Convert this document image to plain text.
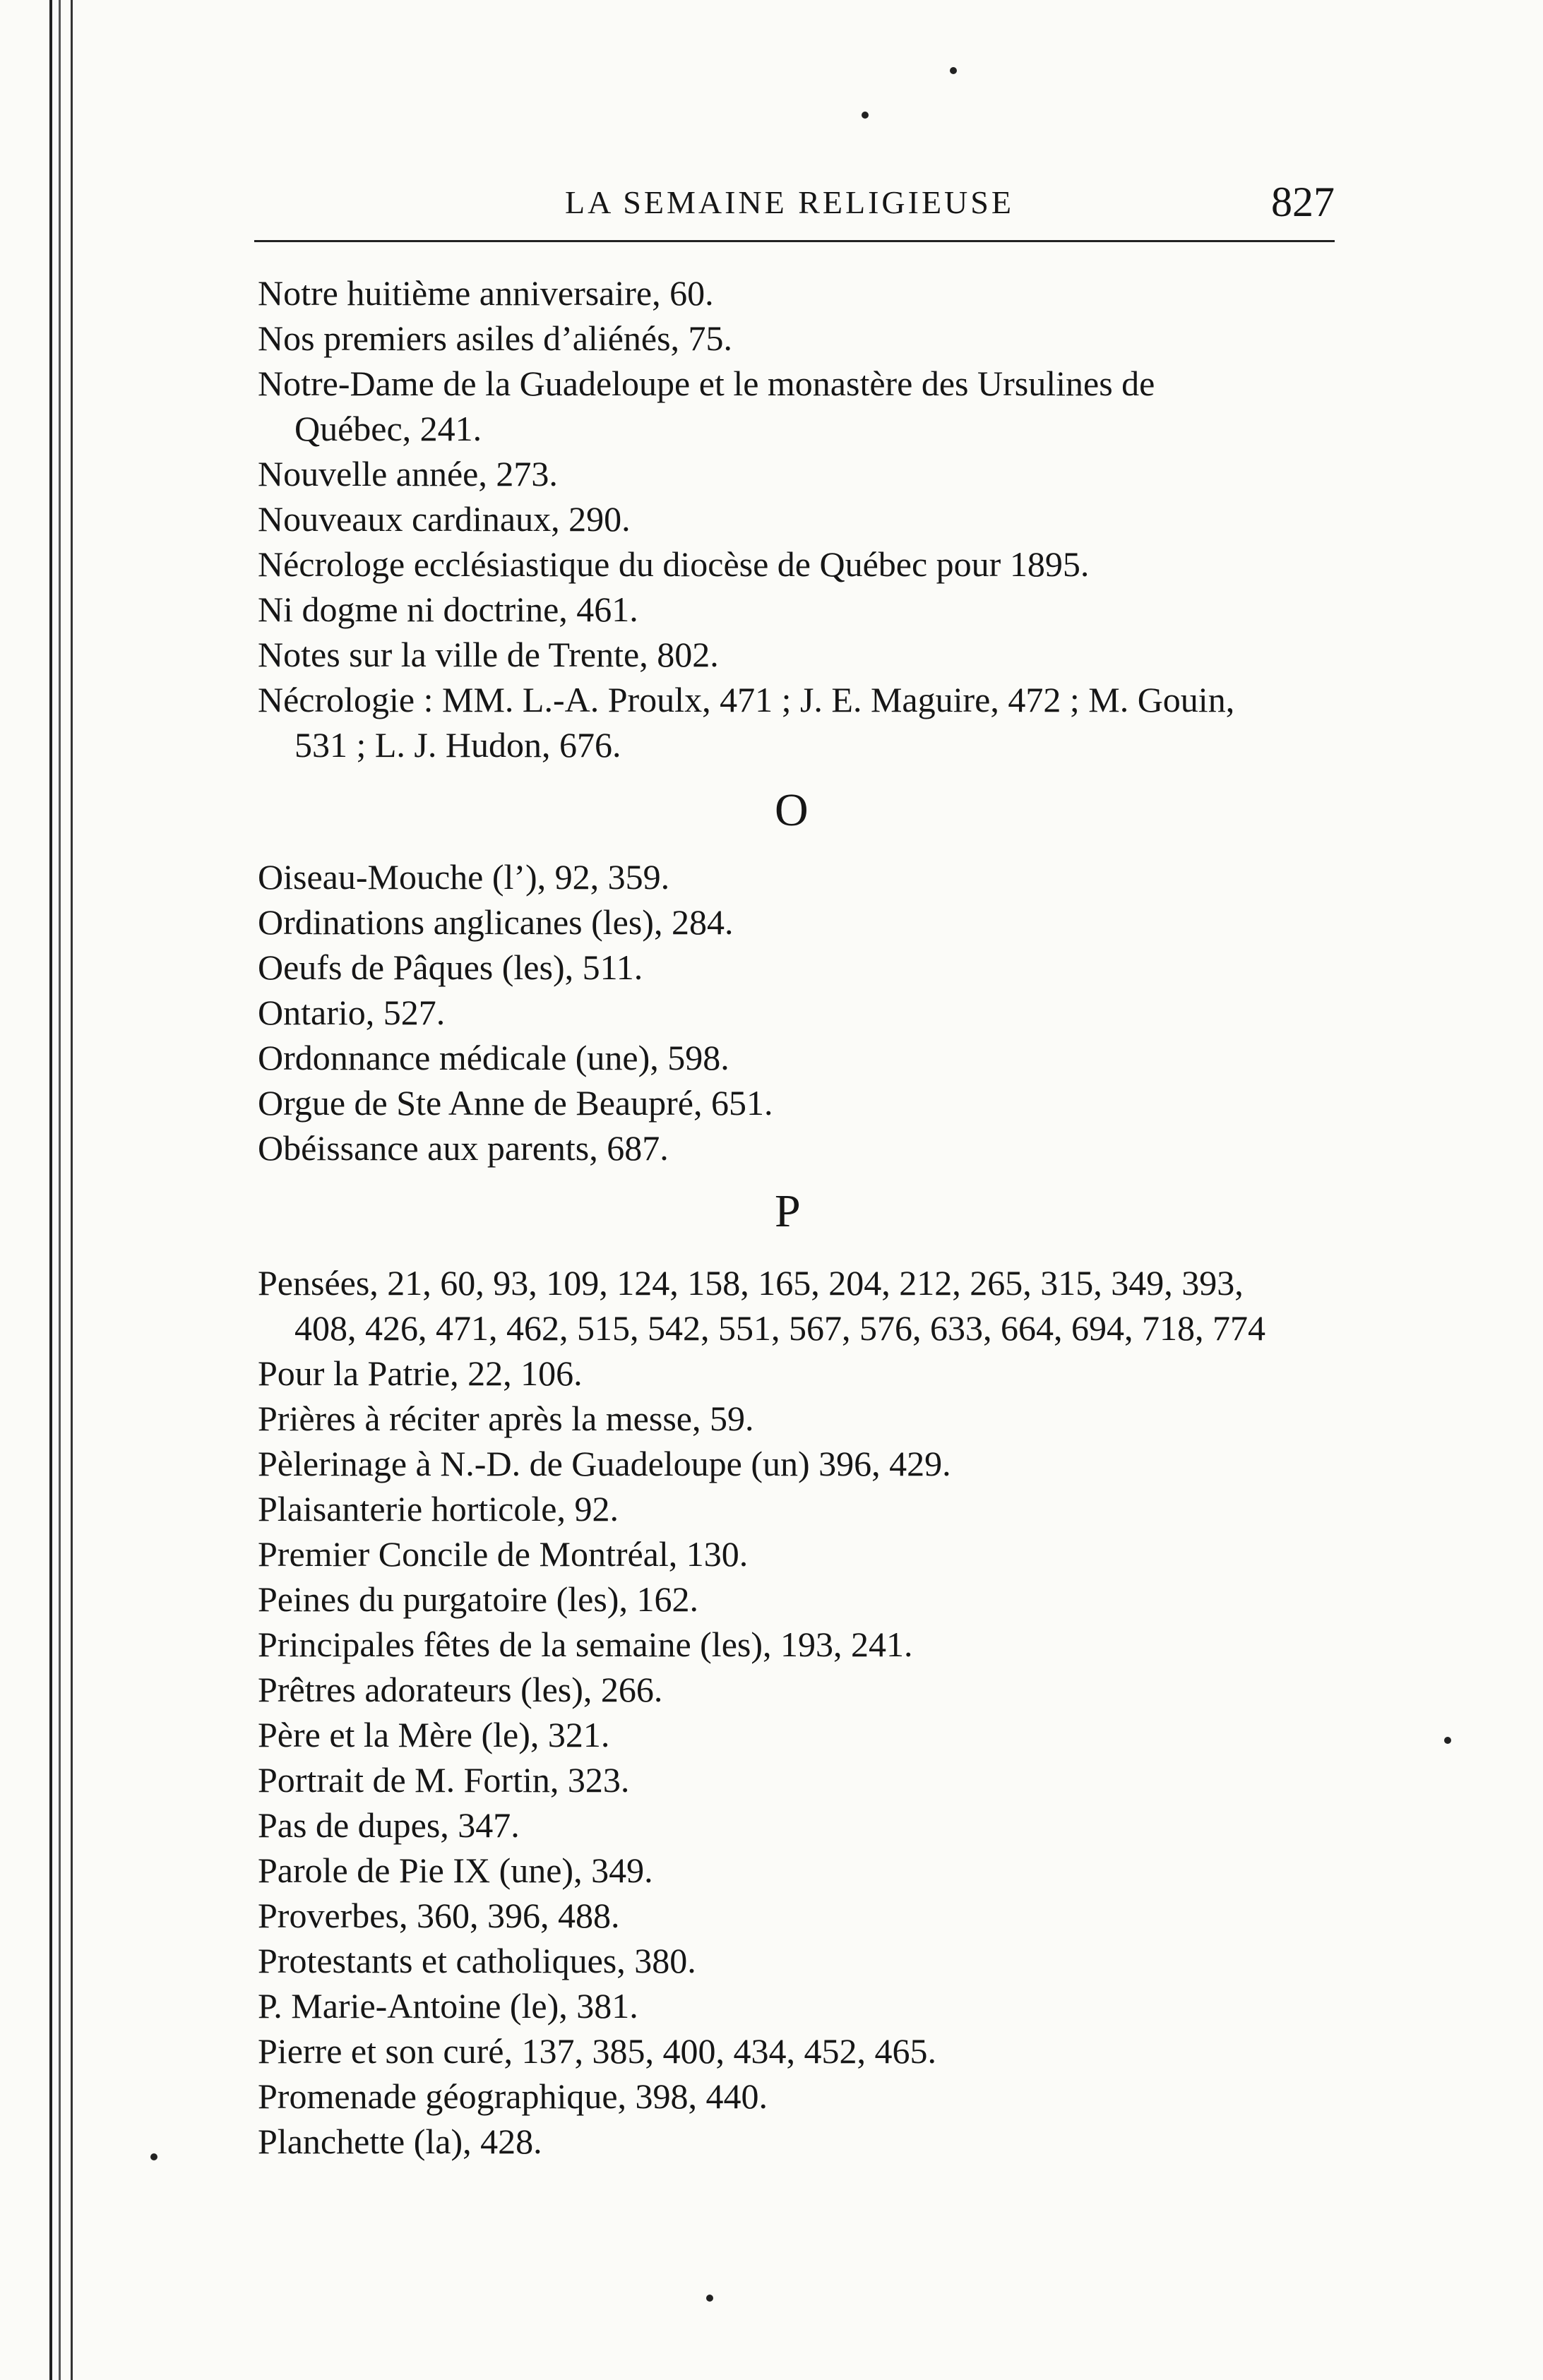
LA SEMAINE RELIGIEUSE	827
Notre huitième anniversaire, 60.
Nos premiers asiles d’aliénés, 75.
Notre-Dame de la Guadeloupe et le monastère des Ursulines de
Québec, 241.
Nouvelle année, 273.
Nouveaux cardinaux, 290.
Nécrologe ecclésiastique du diocèse de Québec pour 1895.
Ni dogme ni doctrine, 461.
Notes sur la ville de Trente, 802.
Nécrologie : MM. L.-A. Proulx, 471 ; J. E. Maguire, 472 ; M. Gouin,
531 ; L. J. Hudon, 676.
O
Oiseau-Mouche (l’), 92, 359.
Ordinations anglicanes (les), 284.
Oeufs de Pâques (les), 511.
Ontario, 527.
Ordonnance médicale (une), 598.
Orgue de Ste Anne de Beaupré, 651.
Obéissance aux parents, 687.
P
Pensées, 21, 60, 93, 109, 124, 158, 165, 204, 212, 265, 315, 349, 393,
408, 426, 471, 462, 515, 542, 551, 567, 576, 633, 664, 694, 718, 774
Pour la Patrie, 22, 106.
Prières à réciter après la messe, 59.
Pèlerinage à N.-D. de Guadeloupe (un) 396, 429.
Plaisanterie horticole, 92.
Premier Concile de Montréal, 130.
Peines du purgatoire (les), 162.
Principales fêtes de la semaine (les), 193, 241.
Prêtres adorateurs (les), 266.
Père et la Mère (le), 321.
Portrait de M. Fortin, 323.
Pas de dupes, 347.
Parole de Pie IX (une), 349.
Proverbes, 360, 396, 488.
Protestants et catholiques, 380.
P. Marie-Antoine (le), 381.
Pierre et son curé, 137, 385, 400, 434, 452, 465.
Promenade géographique, 398, 440.
Planchette (la), 428.
